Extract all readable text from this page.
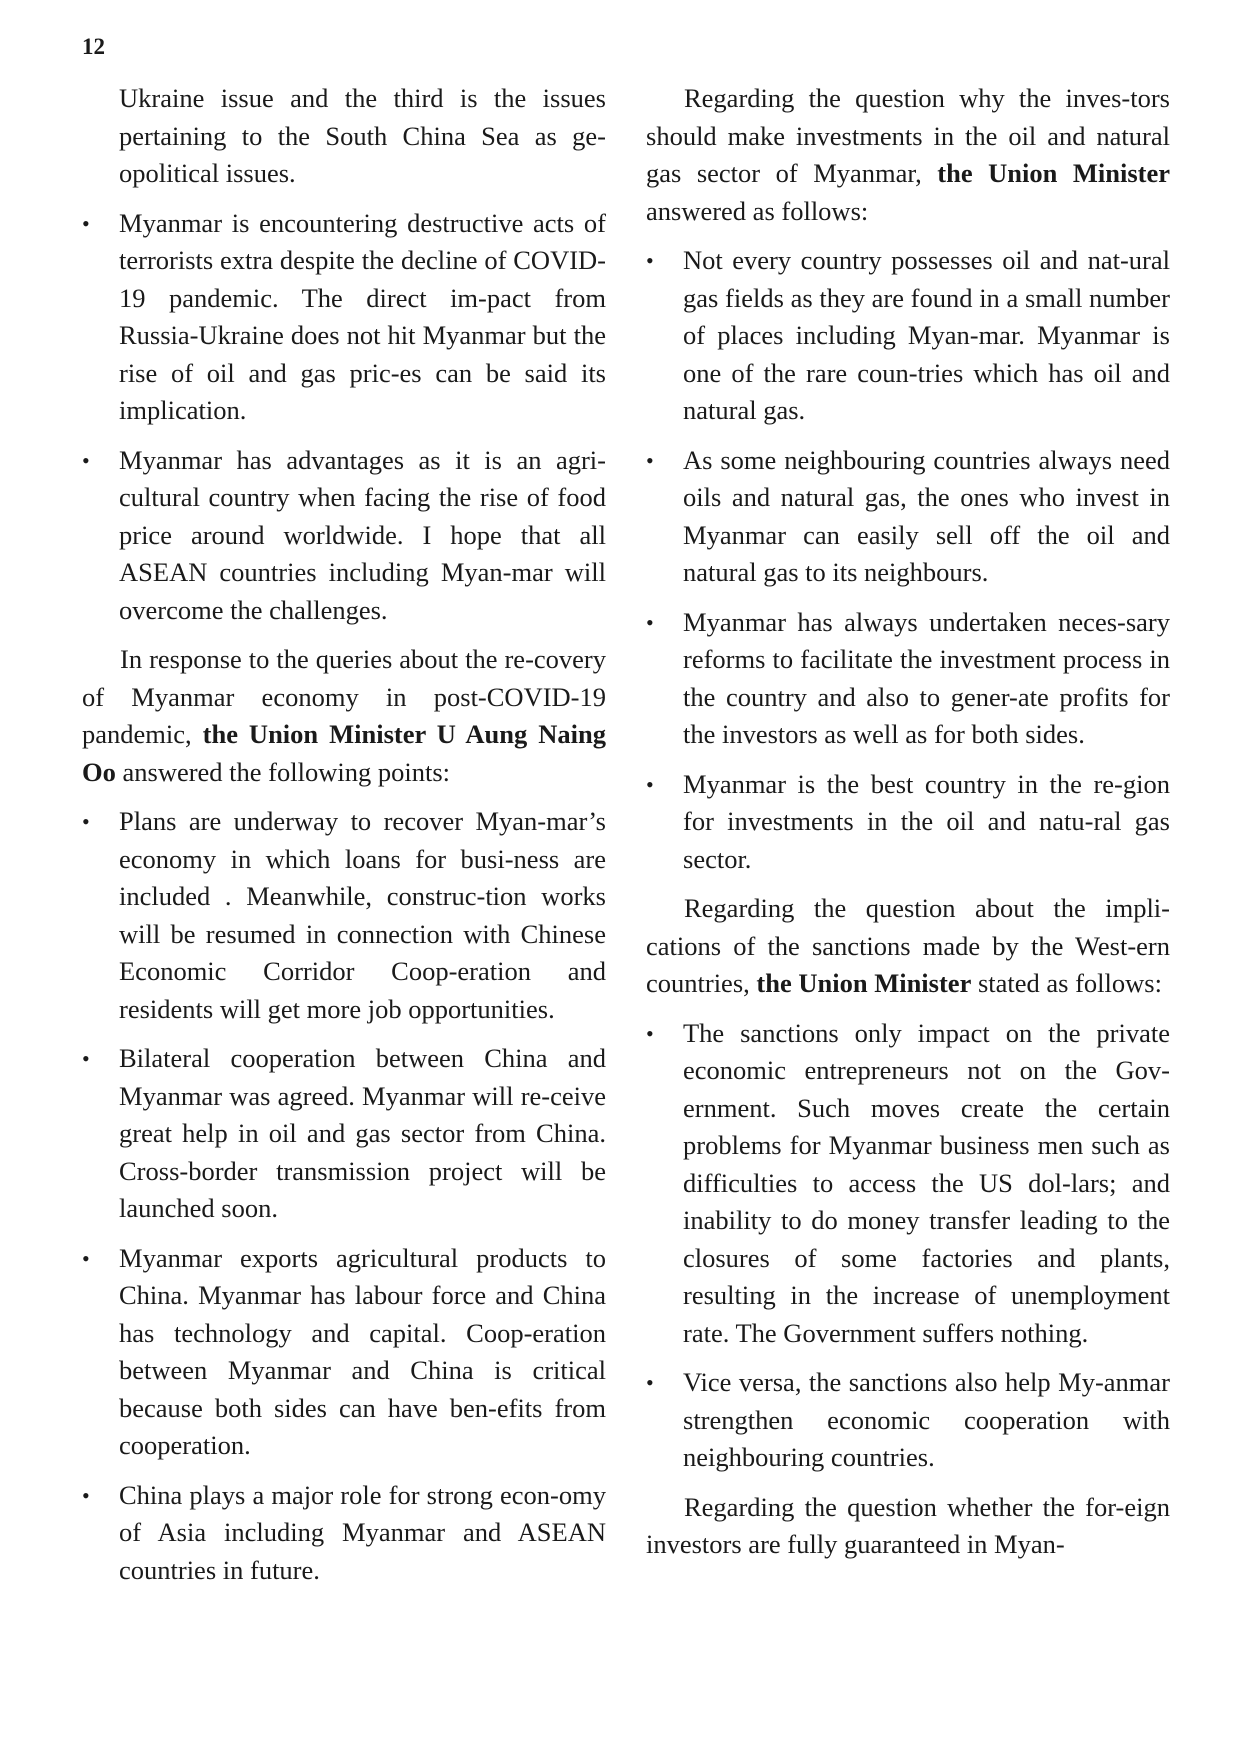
12

Ukraine issue and the third is the issues pertaining to the South China Sea as ge-opolitical issues.

• Myanmar is encountering destructive acts of terrorists extra despite the decline of COVID-19 pandemic. The direct im-pact from Russia-Ukraine does not hit Myanmar but the rise of oil and gas pric-es can be said its implication.
• Myanmar has advantages as it is an agri-cultural country when facing the rise of food price around worldwide. I hope that all ASEAN countries including Myan-mar will overcome the challenges.

In response to the queries about the re-covery of Myanmar economy in post-COVID-19 pandemic, the Union Minister U Aung Naing Oo answered the following points:

• Plans are underway to recover Myan-mar’s economy in which loans for busi-ness are included . Meanwhile, construc-tion works will be resumed in connection with Chinese Economic Corridor Coop-eration and residents will get more job opportunities.
• Bilateral cooperation between China and Myanmar was agreed. Myanmar will re-ceive great help in oil and gas sector from China. Cross-border transmission project will be launched soon.
• Myanmar exports agricultural products to China. Myanmar has labour force and China has technology and capital. Coop-eration between Myanmar and China is critical because both sides can have ben-efits from cooperation.
• China plays a major role for strong econ-omy of Asia including Myanmar and ASEAN countries in future.

Regarding the question why the inves-tors should make investments in the oil and natural gas sector of Myanmar, the Union Minister answered as follows:

• Not every country possesses oil and nat-ural gas fields as they are found in a small number of places including Myan-mar. Myanmar is one of the rare coun-tries which has oil and natural gas.
• As some neighbouring countries always need oils and natural gas, the ones who invest in Myanmar can easily sell off the oil and natural gas to its neighbours.
• Myanmar has always undertaken neces-sary reforms to facilitate the investment process in the country and also to gener-ate profits for the investors as well as for both sides.
• Myanmar is the best country in the re-gion for investments in the oil and natu-ral gas sector.

Regarding the question about the impli-cations of the sanctions made by the West-ern countries, the Union Minister stated as follows:

• The sanctions only impact on the private economic entrepreneurs not on the Gov-ernment. Such moves create the certain problems for Myanmar business men such as difficulties to access the US dol-lars; and inability to do money transfer leading to the closures of some factories and plants, resulting in the increase of unemployment rate. The Government suffers nothing.
• Vice versa, the sanctions also help My-anmar strengthen economic cooperation with neighbouring countries.

Regarding the question whether the for-eign investors are fully guaranteed in Myan-
